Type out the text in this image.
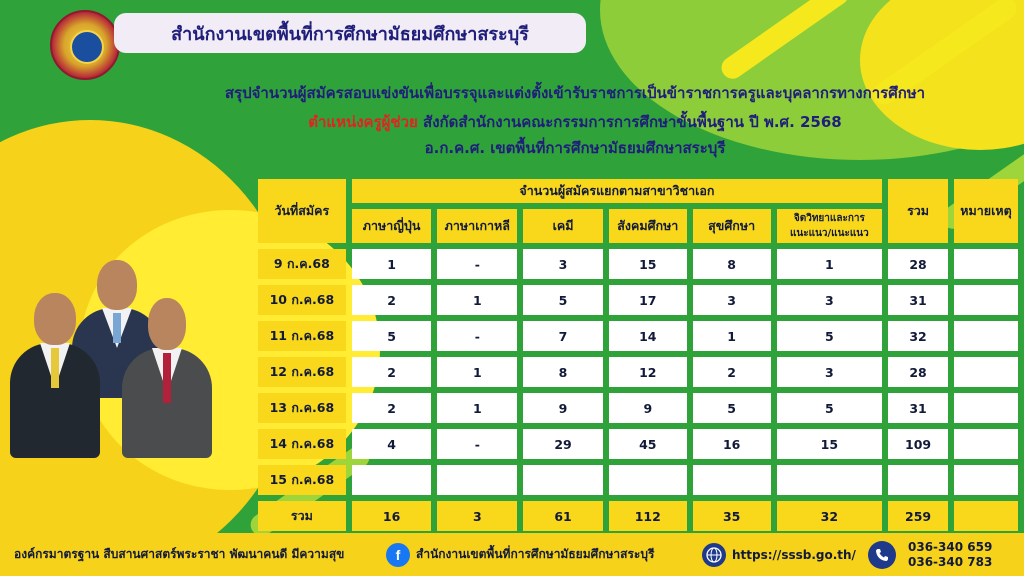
สำนักงานเขตพื้นที่การศึกษามัธยมศึกษาสระบุรี
สรุปจำนวนผู้สมัครสอบแข่งขันเพื่อบรรจุและแต่งตั้งเข้ารับราชการเป็นข้าราชการครูและบุคลากรทางการศึกษา
ตำแหน่งครูผู้ช่วย สังกัดสำนักงานคณะกรรมการการศึกษาขั้นพื้นฐาน ปี พ.ศ. 2568
อ.ก.ค.ศ. เขตพื้นที่การศึกษามัธยมศึกษาสระบุรี
วันที่สมัคร	จำนวนผู้สมัครแยกตามสาขาวิชาเอก						รวม	หมายเหตุ
	ภาษาญี่ปุ่น	ภาษาเกาหลี	เคมี	สังคมศึกษา	สุขศึกษา	จิตวิทยาและการแนะแนว/แนะแนว		
9 ก.ค.68	1	-	3	15	8	1	28	
10 ก.ค.68	2	1	5	17	3	3	31	
11 ก.ค.68	5	-	7	14	1	5	32	
12 ก.ค.68	2	1	8	12	2	3	28	
13 ก.ค.68	2	1	9	9	5	5	31	
14 ก.ค.68	4	-	29	45	16	15	109	
15 ก.ค.68								
รวม	16	3	61	112	35	32	259	
องค์กรมาตรฐาน สืบสานศาสตร์พระราชา พัฒนาคนดี มีความสุข	f	สำนักงานเขตพื้นที่การศึกษามัธยมศึกษาสระบุรี	https://sssb.go.th/
036-340 659
036-340 783
